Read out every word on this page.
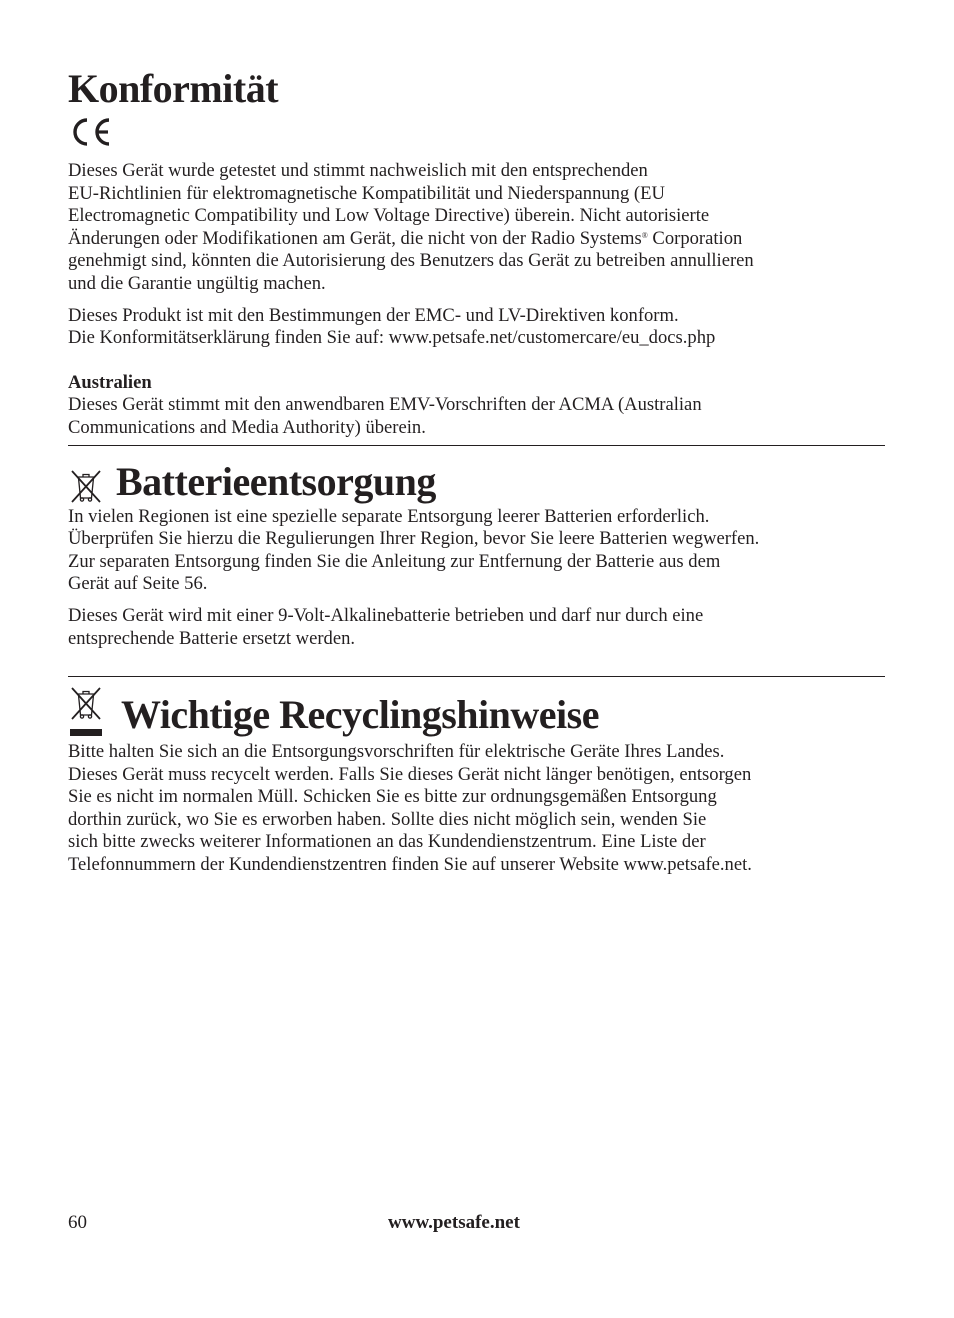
Konformität

Dieses Gerät wurde getestet und stimmt nachweislich mit den entsprechenden
EU-Richtlinien für elektromagnetische Kompatibilität und Niederspannung (EU
Electromagnetic Compatibility und Low Voltage Directive) überein. Nicht autorisierte
Änderungen oder Modifikationen am Gerät, die nicht von der Radio Systems® Corporation
genehmigt sind, könnten die Autorisierung des Benutzers das Gerät zu betreiben annullieren
und die Garantie ungültig machen.

Dieses Produkt ist mit den Bestimmungen der EMC- und LV-Direktiven konform.
Die Konformitätserklärung finden Sie auf: www.petsafe.net/customercare/eu_docs.php

Australien

Dieses Gerät stimmt mit den anwendbaren EMV-Vorschriften der ACMA (Australian
Communications and Media Authority) überein.

Batterieentsorgung

In vielen Regionen ist eine spezielle separate Entsorgung leerer Batterien erforderlich.
Überprüfen Sie hierzu die Regulierungen Ihrer Region, bevor Sie leere Batterien wegwerfen.
Zur separaten Entsorgung finden Sie die Anleitung zur Entfernung der Batterie aus dem
Gerät auf Seite 56.

Dieses Gerät wird mit einer 9-Volt-Alkalinebatterie betrieben und darf nur durch eine
entsprechende Batterie ersetzt werden.

Wichtige Recyclingshinweise

Bitte halten Sie sich an die Entsorgungsvorschriften für elektrische Geräte Ihres Landes.
Dieses Gerät muss recycelt werden. Falls Sie dieses Gerät nicht länger benötigen, entsorgen
Sie es nicht im normalen Müll. Schicken Sie es bitte zur ordnungsgemäßen Entsorgung
dorthin zurück, wo Sie es erworben haben. Sollte dies nicht möglich sein, wenden Sie
sich bitte zwecks weiterer Informationen an das Kundendienstzentrum. Eine Liste der
Telefonnummern der Kundendienstzentren finden Sie auf unserer Website www.petsafe.net.

60	www.petsafe.net
